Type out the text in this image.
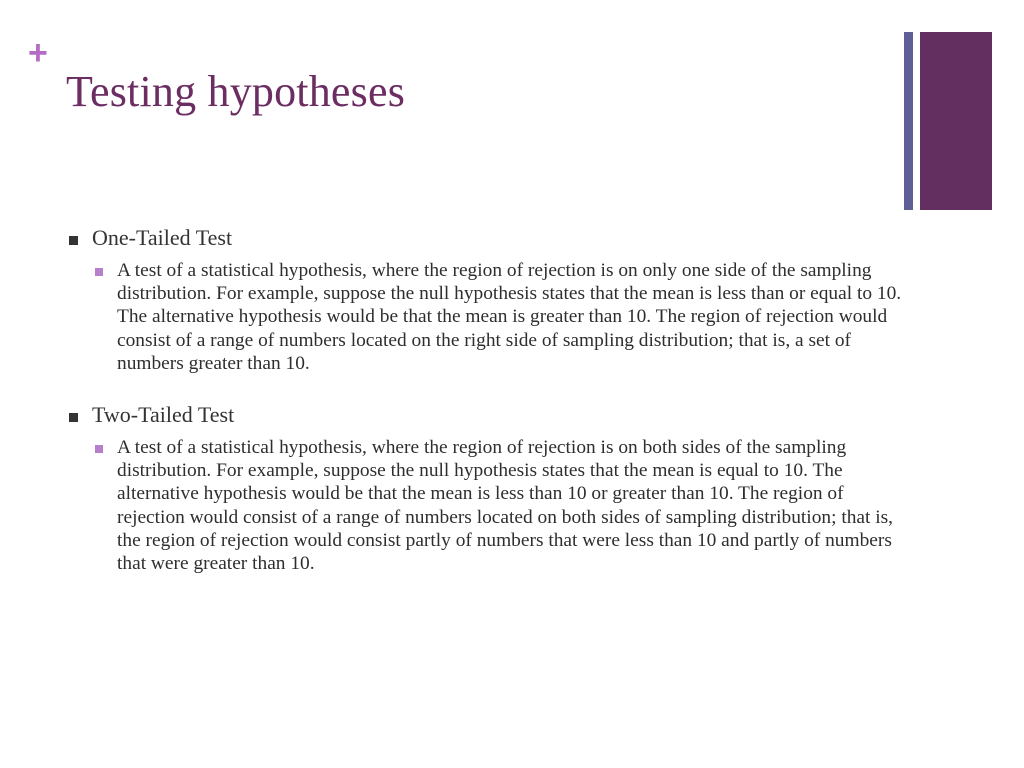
+
Testing hypotheses
One-Tailed Test
A test of a statistical hypothesis, where the region of rejection is on only one side of the sampling distribution. For example, suppose the null hypothesis states that the mean is less than or equal to 10. The alternative hypothesis would be that the mean is greater than 10. The region of rejection would consist of a range of numbers located on the right side of sampling distribution; that is, a set of numbers greater than 10.
Two-Tailed Test
A test of a statistical hypothesis, where the region of rejection is on both sides of the sampling distribution. For example, suppose the null hypothesis states that the mean is equal to 10. The alternative hypothesis would be that the mean is less than 10 or greater than 10. The region of rejection would consist of a range of numbers located on both sides of sampling distribution; that is, the region of rejection would consist partly of numbers that were less than 10 and partly of numbers that were greater than 10.
